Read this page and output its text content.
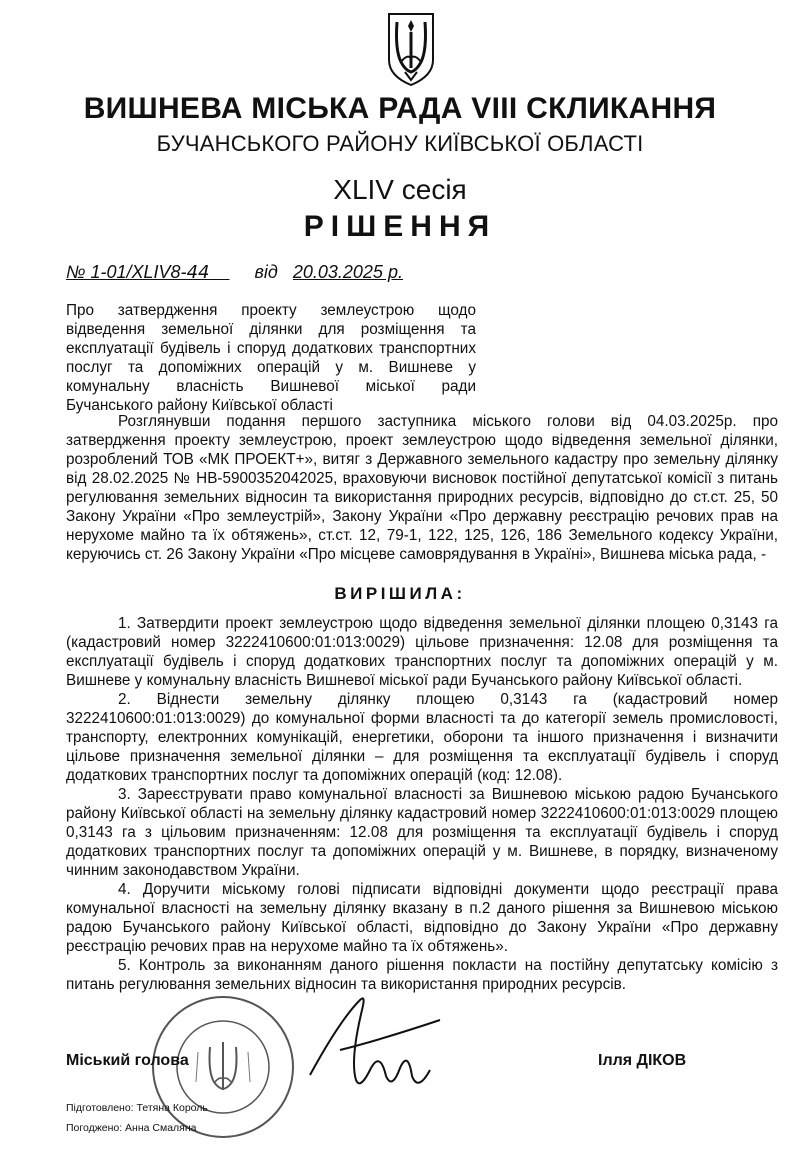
ВИШНЕВА МІСЬКА РАДА VIII СКЛИКАННЯ
БУЧАНСЬКОГО РАЙОНУ КИЇВСЬКОЇ ОБЛАСТІ
XLIV сесія
РІШЕННЯ
№ 1-01/XLIV8-44	від 20.03.2025 р.
Про затвердження проекту землеустрою щодо відведення земельної ділянки для розміщення та експлуатації будівель і споруд додаткових транспортних послуг та допоміжних операцій у м. Вишневе у комунальну власність Вишневої міської ради Бучанського району Київської області

Розглянувши подання першого заступника міського голови від 04.03.2025р. про затвердження проекту землеустрою, проект землеустрою щодо відведення земельної ділянки, розроблений ТОВ «МК ПРОЕКТ+», витяг з Державного земельного кадастру про земельну ділянку від 28.02.2025 № НВ-5900352042025, враховуючи висновок постійної депутатської комісії з питань регулювання земельних відносин та використання природних ресурсів, відповідно до ст.ст. 25, 50 Закону України «Про землеустрій», Закону України «Про державну реєстрацію речових прав на нерухоме майно та їх обтяжень», ст.ст. 12, 79-1, 122, 125, 126, 186 Земельного кодексу України, керуючись ст. 26 Закону України «Про місцеве самоврядування в Україні», Вишнева міська рада, -

ВИРІШИЛА:

1. Затвердити проект землеустрою щодо відведення земельної ділянки площею 0,3143 га (кадастровий номер 3222410600:01:013:0029) цільове призначення: 12.08 для розміщення та експлуатації будівель і споруд додаткових транспортних послуг та допоміжних операцій у м. Вишневе у комунальну власність Вишневої міської ради Бучанського району Київської області.

2. Віднести земельну ділянку площею 0,3143 га (кадастровий номер 3222410600:01:013:0029) до комунальної форми власності та до категорії земель промисловості, транспорту, електронних комунікацій, енергетики, оборони та іншого призначення і визначити цільове призначення земельної ділянки – для розміщення та експлуатації будівель і споруд додаткових транспортних послуг та допоміжних операцій (код: 12.08).

3. Зареєструвати право комунальної власності за Вишневою міською радою Бучанського району Київської області на земельну ділянку кадастровий номер 3222410600:01:013:0029 площею 0,3143 га з цільовим призначенням: 12.08 для розміщення та експлуатації будівель і споруд додаткових транспортних послуг та допоміжних операцій у м. Вишневе, в порядку, визначеному чинним законодавством України.

4. Доручити міському голові підписати відповідні документи щодо реєстрації права комунальної власності на земельну ділянку вказану в п.2 даного рішення за Вишневою міською радою Бучанського району Київської області, відповідно до Закону України «Про державну реєстрацію речових прав на нерухоме майно та їх обтяжень».

5. Контроль за виконанням даного рішення покласти на постійну депутатську комісію з питань регулювання земельних відносин та використання природних ресурсів.

Міський голова	Ілля ДІКОВ
Підготовлено: Тетяна Король
Погоджено: Анна Смаляна
